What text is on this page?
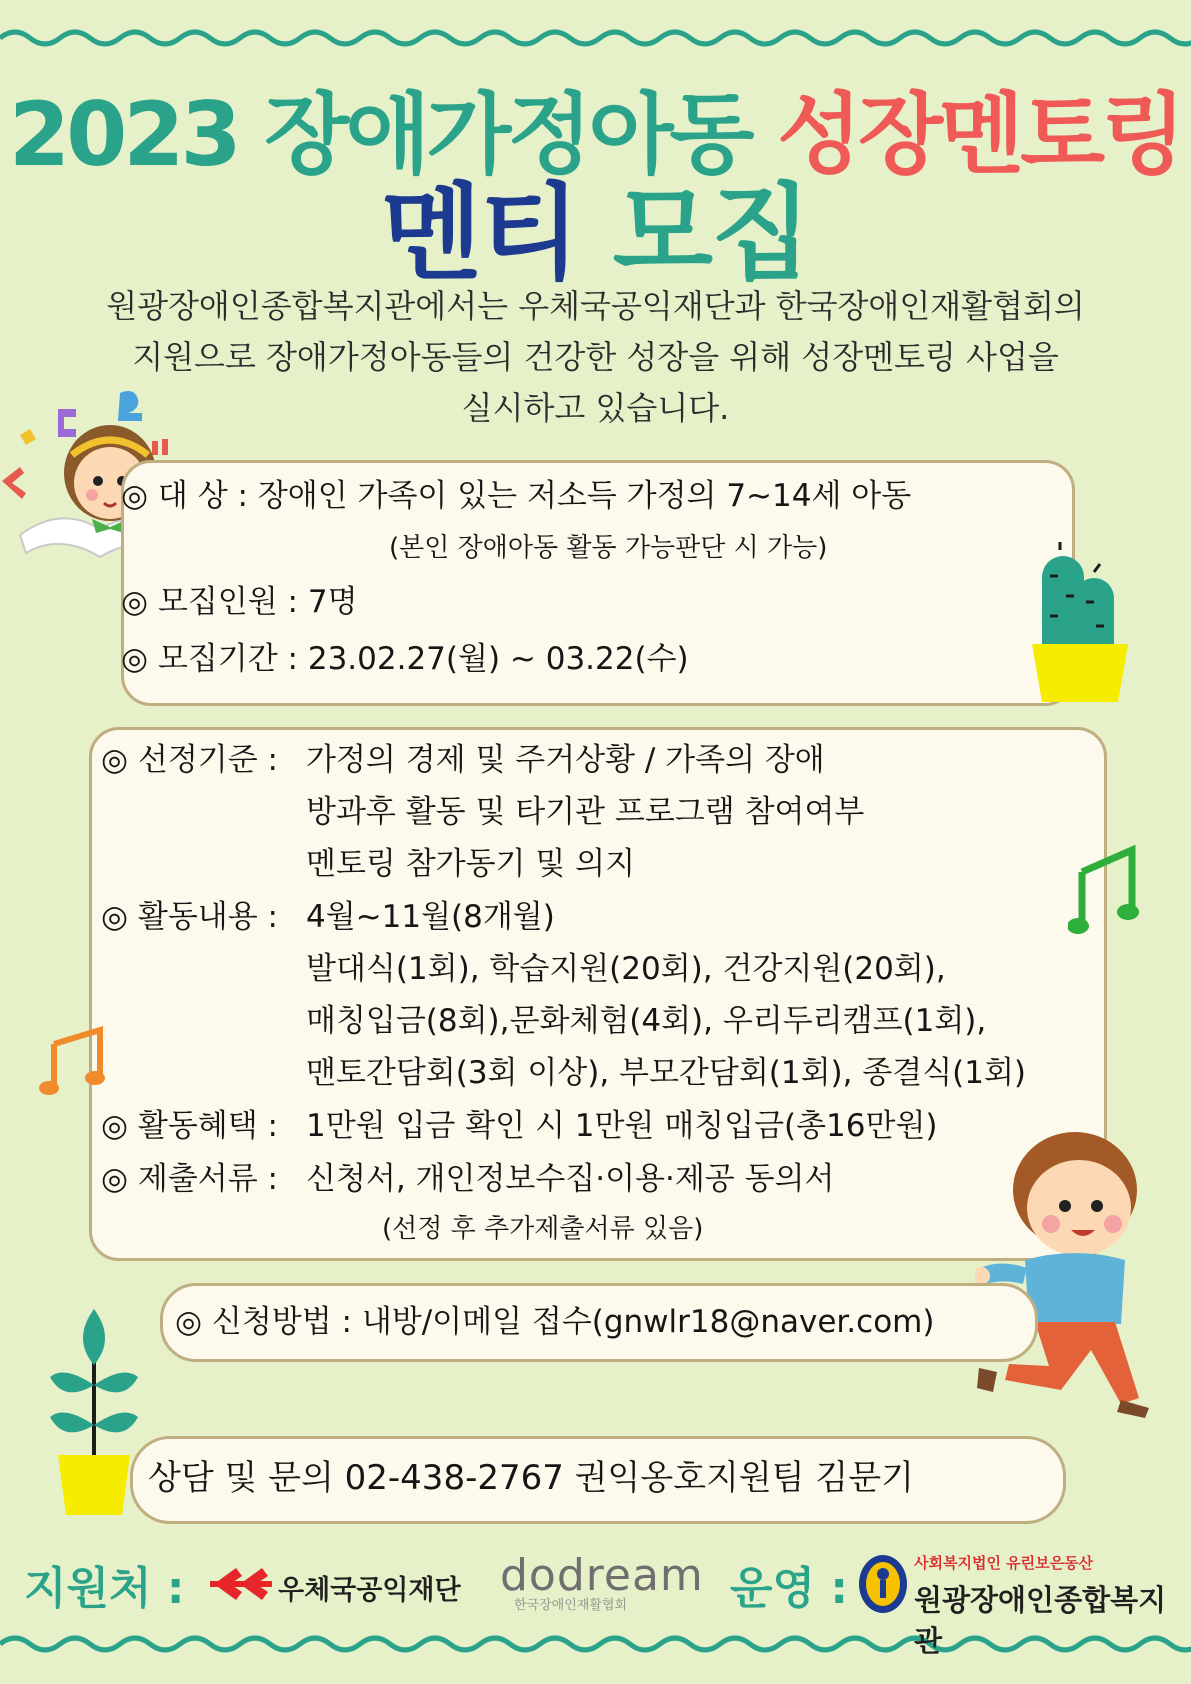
2023 장애가정아동 성장멘토링
멘티 모집
원광장애인종합복지관에서는 우체국공익재단과 한국장애인재활협회의
지원으로 장애가정아동들의 건강한 성장을 위해 성장멘토링 사업을
실시하고 있습니다.
◎ 대 상 : 장애인 가족이 있는 저소득 가정의 7~14세 아동
(본인 장애아동 활동 가능판단 시 가능)
◎ 모집인원 : 7명
◎ 모집기간 : 23.02.27(월) ~ 03.22(수)
◎ 선정기준 : 가정의 경제 및 주거상황 / 가족의 장애
방과후 활동 및 타기관 프로그램 참여여부
멘토링 참가동기 및 의지
◎ 활동내용 : 4월~11월(8개월)
발대식(1회), 학습지원(20회), 건강지원(20회),
매칭입금(8회),문화체험(4회), 우리두리캠프(1회),
맨토간담회(3회 이상), 부모간담회(1회), 종결식(1회)
◎ 활동혜택 : 1만원 입금 확인 시 1만원 매칭입금(총16만원)
◎ 제출서류 : 신청서, 개인정보수집·이용·제공 동의서
(선정 후 추가제출서류 있음)
◎ 신청방법 : 내방/이메일 접수(gnwlr18@naver.com)
상담 및 문의 02-438-2767 권익옹호지원팀 김문기
지원처 :	우체국공익재단 dodream
한국장애인재활협회 운영 :	사회복지법인 유린보은동산
원광장애인종합복지관
